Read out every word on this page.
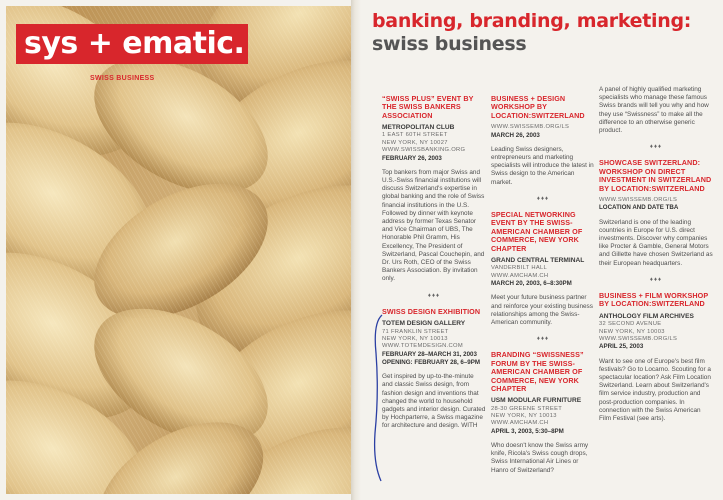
sys + ematic.
SWISS BUSINESS
banking, branding, marketing:
swiss business
“SWISS PLUS” EVENT BY THE SWISS BANKERS ASSOCIATION
METROPOLITAN CLUB
1 EAST 60TH STREET
NEW YORK, NY 10027
WWW.SWISSBANKING.ORG
FEBRUARY 26, 2003
Top bankers from major Swiss and U.S.-Swiss financial institutions will discuss Switzerland's expertise in global banking and the role of Swiss financial institutions in the U.S. Followed by dinner with keynote address by former Texas Senator and Vice Chairman of UBS, The Honorable Phil Gramm, His Excellency, The President of Switzerland, Pascal Couchepin, and Dr. Urs Roth, CEO of the Swiss Bankers Association. By invitation only.
♦♦♦
SWISS DESIGN EXHIBITION
TOTEM DESIGN GALLERY
71 FRANKLIN STREET
NEW YORK, NY 10013
WWW.TOTEMDESIGN.COM
FEBRUARY 28–MARCH 31, 2003
OPENING: FEBRUARY 28, 6–9PM
Get inspired by up-to-the-minute and classic Swiss design, from fashion design and inventions that changed the world to household gadgets and interior design. Curated by Hochparterre, a Swiss magazine for architecture and design. WITH
BUSINESS + DESIGN WORKSHOP BY LOCATION:SWITZERLAND
WWW.SWISSEMB.ORG/LS
MARCH 26, 2003
Leading Swiss designers, entrepreneurs and marketing specialists will introduce the latest in Swiss design to the American market.
♦♦♦
SPECIAL NETWORKING EVENT BY THE SWISS-AMERICAN CHAMBER OF COMMERCE, NEW YORK CHAPTER
GRAND CENTRAL TERMINAL
VANDERBILT HALL
WWW.AMCHAM.CH
MARCH 20, 2003, 6–8:30PM
Meet your future business partner and reinforce your existing business relationships among the Swiss-American community.
♦♦♦
BRANDING “SWISSNESS” FORUM BY THE SWISS-AMERICAN CHAMBER OF COMMERCE, NEW YORK CHAPTER
USM MODULAR FURNITURE
28-30 GREENE STREET
NEW YORK, NY 10013
WWW.AMCHAM.CH
APRIL 3, 2003, 5:30–8PM
Who doesn't know the Swiss army knife, Ricola's Swiss cough drops, Swiss International Air Lines or Hanro of Switzerland?
A panel of highly qualified marketing specialists who manage these famous Swiss brands will tell you why and how they use “Swissness” to make all the difference to an otherwise generic product.
♦♦♦
SHOWCASE SWITZERLAND: WORKSHOP ON DIRECT INVESTMENT IN SWITZERLAND BY LOCATION:SWITZERLAND
WWW.SWISSEMB.ORG/LS
LOCATION AND DATE TBA
Switzerland is one of the leading countries in Europe for U.S. direct investments. Discover why companies like Procter & Gamble, General Motors and Gillette have chosen Switzerland as their European headquarters.
♦♦♦
BUSINESS + FILM WORKSHOP BY LOCATION:SWITZERLAND
ANTHOLOGY FILM ARCHIVES
32 SECOND AVENUE
NEW YORK, NY 10003
WWW.SWISSEMB.ORG/LS
APRIL 25, 2003
Want to see one of Europe's best film festivals? Go to Locarno. Scouting for a spectacular location? Ask Film Location Switzerland. Learn about Switzerland's film service industry, production and post-production companies. In connection with the Swiss American Film Festival (see arts).
